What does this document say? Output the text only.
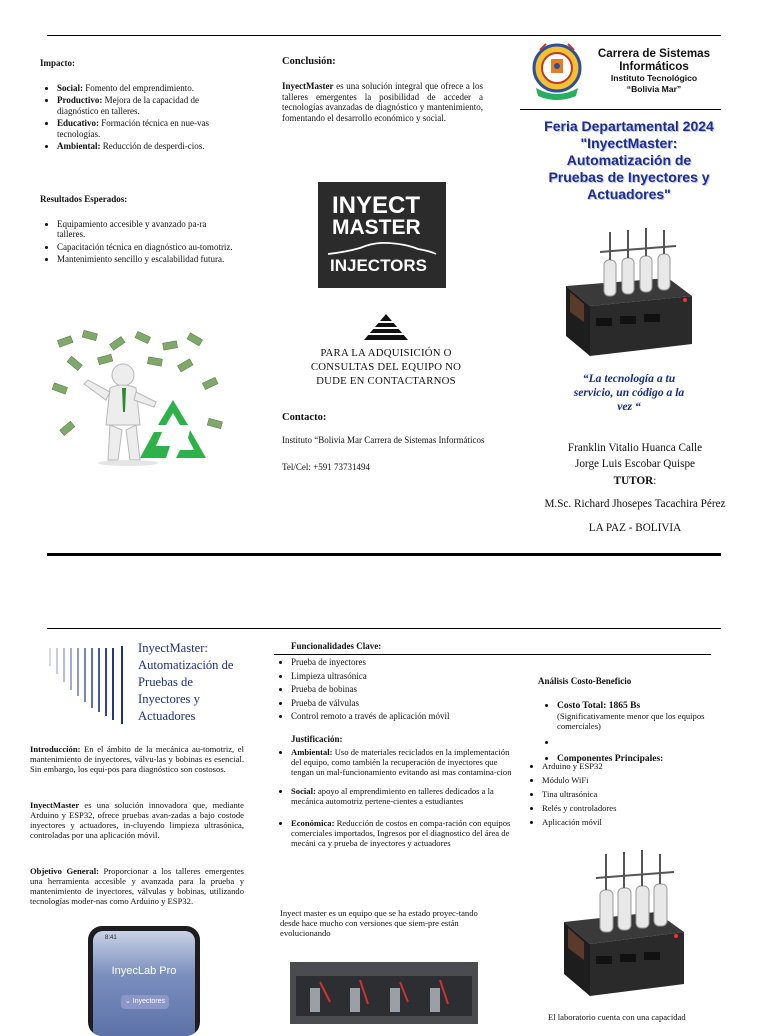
Impacto:
• Social: Fomento del emprendimiento.
• Productivo: Mejora de la capacidad de diagnóstico en talleres.
• Educativo: Formación técnica en nue-vas tecnologías.
• Ambiental: Reducción de desperdi-cios.
Resultados Esperados:
• Equipamiento accesible y avanzado pa-ra talleres.
• Capacitación técnica en diagnóstico au-tomotriz.
• Mantenimiento sencillo y escalabilidad futura.
Conclusión:
InyectMaster es una solución integral que ofrece a los talleres emergentes la posibilidad de acceder a tecnologías avanzadas de diagnóstico y mantenimiento, fomentando el desarrollo económico y social.
INYECT
MASTER
INJECTORS
PARA LA ADQUISICIÓN O CONSULTAS DEL EQUIPO NO DUDE EN CONTACTARNOS
Contacto:
Instituto “Bolivia Mar Carrera de Sistemas Informáticos
Tel/Cel: +591 73731494
Carrera de Sistemas Informáticos
Instituto Tecnológico
“Bolivia Mar”
Feria Departamental 2024 "InyectMaster: Automatización de Pruebas de Inyectores y Actuadores"
“La tecnología a tu servicio, un código a la vez “
Franklin Vitalio Huanca Calle
Jorge Luis Escobar Quispe
TUTOR:
M.Sc. Richard Jhosepes Tacachira Pérez
LA PAZ - BOLIVIA
InyectMaster: Automatización de Pruebas de Inyectores y Actuadores
Introducción: En el ámbito de la mecánica au-tomotriz, el mantenimiento de inyectores, válvu-las y bobinas es esencial. Sin embargo, los equi-pos para diagnóstico son costosos.
InyectMaster es una solución innovadora que, mediante Arduino y ESP32, ofrece pruebas avan-zadas a bajo costode inyectores y actuadores, in-cluyendo limpieza ultrasónica, controladas por una aplicación móvil.
Objetivo General: Proporcionar a los talleres emergentes una herramienta accesible y avanzada para la prueba y mantenimiento de inyectores, válvulas y bobinas, utilizando tecnologías moder-nas como Arduino y ESP32.
8:41
InyecLab Pro
⌄ Inyectores
Funcionalidades Clave:
• Prueba de inyectores
• Limpieza ultrasónica
• Prueba de bobinas
• Prueba de válvulas
• Control remoto a través de aplicación móvil
Justificación:
• Ambiental: Uso de materiales reciclados en la implementación del equipo, como también la recuperación de inyectores que tengan un mal-funcionamiento evitando asi mas contamina-cion
• Social: apoyo al emprendimiento en talleres dedicados a la mecánica automotriz pertene-cientes a estudiantes
• Económica: Reducción de costos en compa-ración con equipos comerciales importados, Ingresos por el diagnostico del área de mecáni ca y prueba de inyectores y actuadores
Inyect master es un equipo que se ha estado proyec-tando desde hace mucho con versiones que siem-pre están evolucionando
Análisis Costo-Beneficio
• Costo Total: 1865 Bs
(Significativamente menor que los equipos comerciales)
•
• Componentes Principales:
• Arduino y ESP32
• Módulo WiFi
• Tina ultrasónica
• Relés y controladores
• Aplicación móvil
El laboratorio cuenta con una capacidad
